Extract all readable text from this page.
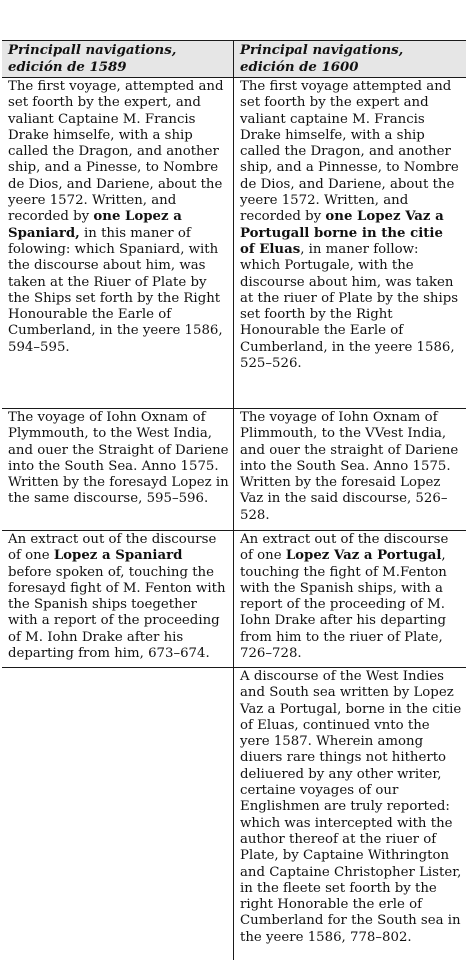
Principall navigations, edición de 1589
Principal navigations, edición de 1600
The first voyage, attempted and set foorth by the expert, and valiant Captaine M. Francis Drake himselfe, with a ship called the Dragon, and another ship, and a Pinesse, to Nombre de Dios, and Dariene, about the yeere 1572. Written, and recorded by one Lopez a Spaniard, in this maner of folowing: which Spaniard, with the discourse about him, was taken at the Riuer of Plate by the Ships set forth by the Right Honourable the Earle of Cumberland, in the yeere 1586, 594–595.
The first voyage attempted and set foorth by the expert and valiant captaine M. Francis Drake himselfe, with a ship called the Dragon, and another ship, and a Pinnesse, to Nombre de Dios, and Dariene, about the yeere 1572. Written, and recorded by one Lopez Vaz a Portugall borne in the citie of Eluas, in maner follow: which Portugale, with the discourse about him, was taken at the riuer of Plate by the ships set foorth by the Right Honourable the Earle of Cumberland, in the yeere 1586, 525–526.
The voyage of Iohn Oxnam of Plymmouth, to the West India, and ouer the Straight of Dariene into the South Sea. Anno 1575. Written by the foresayd Lopez in the same discourse, 595–596.
The voyage of Iohn Oxnam of Plimmouth, to the VVest India, and ouer the straight of Dariene into the South Sea. Anno 1575. Written by the foresaid Lopez Vaz in the said discourse, 526–528.
An extract out of the discourse of one Lopez a Spaniard before spoken of, touching the foresayd fight of M. Fenton with the Spanish ships toegether with a report of the proceeding of M. Iohn Drake after his departing from him, 673–674.
An extract out of the discourse of one Lopez Vaz a Portugal, touching the fight of M.Fenton with the Spanish ships, with a report of the proceeding of M. Iohn Drake after his departing from him to the riuer of Plate, 726–728.
A discourse of the West Indies and South sea written by Lopez Vaz a Portugal, borne in the citie of Eluas, continued vnto the yere 1587. Wherein among diuers rare things not hitherto deliuered by any other writer, certaine voyages of our Englishmen are truly reported: which was intercepted with the author thereof at the riuer of Plate, by Captaine Withrington and Captaine Christopher Lister, in the fleete set foorth by the right Honorable the erle of Cumberland for the South sea in the yeere 1586, 778–802.
